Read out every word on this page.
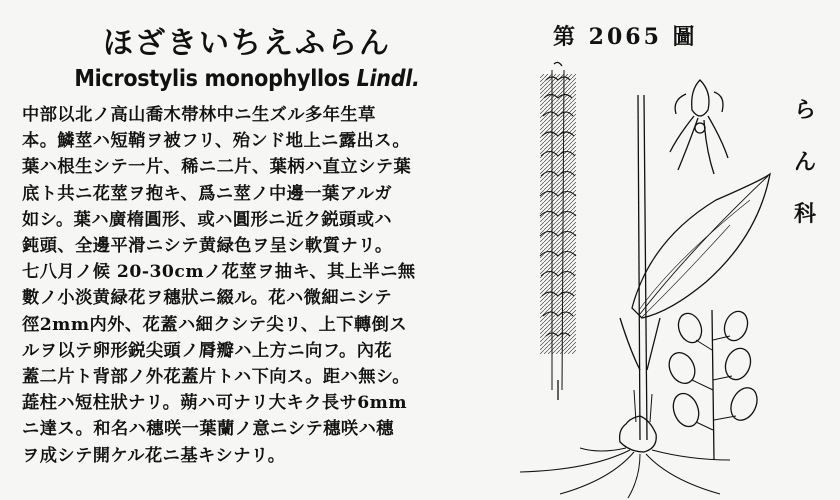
ほざきいちえふらん
Microstylis monophyllos Lindl.
中部以北ノ高山喬木帯林中ニ生ズル多年生草
本。鱗莖ハ短鞘ヲ被フリ、殆ンド地上ニ露出ス。
葉ハ根生シテ一片、稀ニ二片、葉柄ハ直立シテ葉
底ト共ニ花莖ヲ抱キ、爲ニ莖ノ中邊一葉アルガ
如シ。葉ハ廣楕圓形、或ハ圓形ニ近ク鋭頭或ハ
鈍頭、全邊平滑ニシテ黄緑色ヲ呈シ軟質ナリ。
七八月ノ候 20-30cmノ花莖ヲ抽キ、其上半ニ無
數ノ小淡黄緑花ヲ穗狀ニ綴ル。花ハ微細ニシテ
徑2mm内外、花蓋ハ細クシテ尖リ、上下轉倒ス
ルヲ以テ卵形鋭尖頭ノ脣瓣ハ上方ニ向フ。內花
蓋二片ト背部ノ外花蓋片トハ下向ス。距ハ無シ。
蕋柱ハ短柱狀ナリ。蒴ハ可ナリ大キク長サ6mm
ニ達ス。和名ハ穗咲一葉蘭ノ意ニシテ穗咲ハ穗
ヲ成シテ開ケル花ニ基キシナリ。
第 2065 圖
ら
ん
科
